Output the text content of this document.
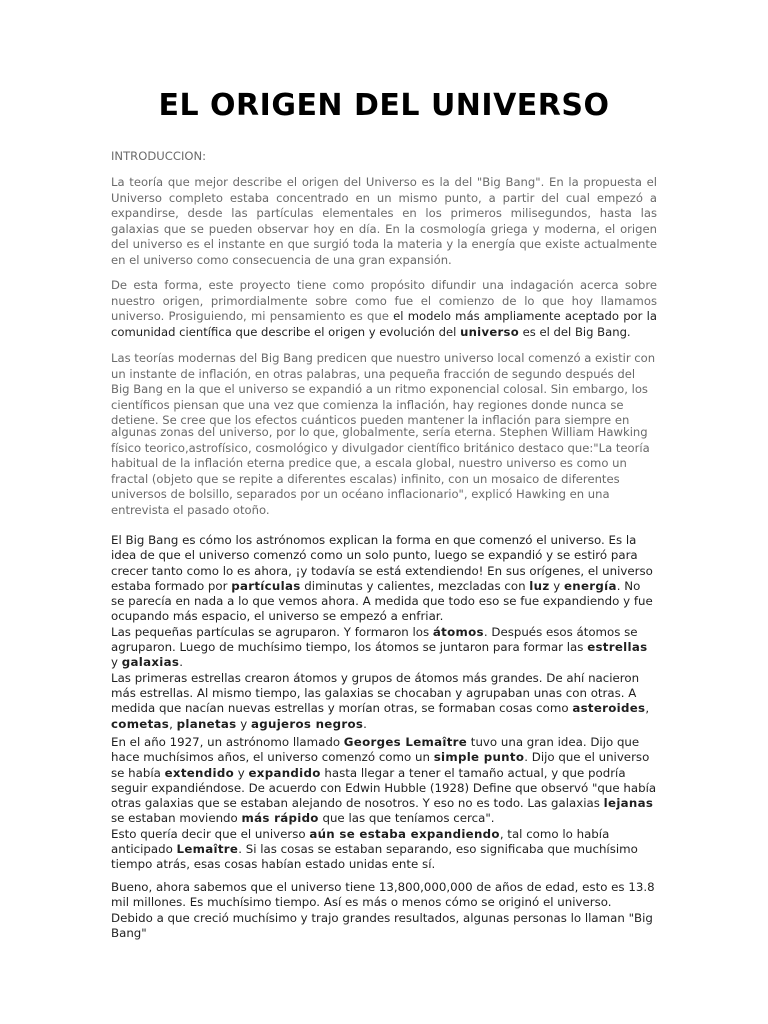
EL ORIGEN DEL UNIVERSO

INTRODUCCION:

La teoría que mejor describe el origen del Universo es la del "Big Bang". En la propuesta el Universo completo estaba concentrado en un mismo punto, a partir del cual empezó a expandirse, desde las partículas elementales en los primeros milisegundos, hasta las galaxias que se pueden observar hoy en día. En la cosmología griega y moderna, el origen del universo es el instante en que surgió toda la materia y la energía que existe actualmente en el universo como consecuencia de una gran expansión.

De esta forma, este proyecto tiene como propósito difundir una indagación acerca sobre nuestro origen, primordialmente sobre como fue el comienzo de lo que hoy llamamos universo. Prosiguiendo, mi pensamiento es que el modelo más ampliamente aceptado por la comunidad científica que describe el origen y evolución del universo es el del Big Bang.

Las teorías modernas del Big Bang predicen que nuestro universo local comenzó a existir con un instante de inflación, en otras palabras, una pequeña fracción de segundo después del Big Bang en la que el universo se expandió a un ritmo exponencial colosal. Sin embargo, los científicos piensan que una vez que comienza la inflación, hay regiones donde nunca se detiene. Se cree que los efectos cuánticos pueden mantener la inflación para siempre en

algunas zonas del universo, por lo que, globalmente, sería eterna. Stephen William Hawking físico teorico,astrofísico, cosmológico y divulgador científico británico destaco que:"La teoría habitual de la inflación eterna predice que, a escala global, nuestro universo es como un fractal (objeto que se repite a diferentes escalas) infinito, con un mosaico de diferentes universos de bolsillo, separados por un océano inflacionario", explicó Hawking en una entrevista el pasado otoño.

El Big Bang es cómo los astrónomos explican la forma en que comenzó el universo. Es la idea de que el universo comenzó como un solo punto, luego se expandió y se estiró para crecer tanto como lo es ahora, ¡y todavía se está extendiendo! En sus orígenes, el universo estaba formado por partículas diminutas y calientes, mezcladas con luz y energía. No se parecía en nada a lo que vemos ahora. A medida que todo eso se fue expandiendo y fue ocupando más espacio, el universo se empezó a enfriar.
Las pequeñas partículas se agruparon. Y formaron los átomos. Después esos átomos se agruparon. Luego de muchísimo tiempo, los átomos se juntaron para formar las estrellas y galaxias.
Las primeras estrellas crearon átomos y grupos de átomos más grandes. De ahí nacieron más estrellas. Al mismo tiempo, las galaxias se chocaban y agrupaban unas con otras. A medida que nacían nuevas estrellas y morían otras, se formaban cosas como asteroides, cometas, planetas y agujeros negros.

En el año 1927, un astrónomo llamado Georges Lemaître tuvo una gran idea. Dijo que hace muchísimos años, el universo comenzó como un simple punto. Dijo que el universo se había extendido y expandido hasta llegar a tener el tamaño actual, y que podría seguir expandiéndose. De acuerdo con Edwin Hubble (1928) Define que observó "que había otras galaxias que se estaban alejando de nosotros. Y eso no es todo. Las galaxias lejanas se estaban moviendo más rápido que las que teníamos cerca".
Esto quería decir que el universo aún se estaba expandiendo, tal como lo había anticipado Lemaître. Si las cosas se estaban separando, eso significaba que muchísimo tiempo atrás, esas cosas habían estado unidas ente sí.

Bueno, ahora sabemos que el universo tiene 13,800,000,000 de años de edad, esto es 13.8 mil millones. Es muchísimo tiempo. Así es más o menos cómo se originó el universo. Debido a que creció muchísimo y trajo grandes resultados, algunas personas lo llaman "Big Bang"
